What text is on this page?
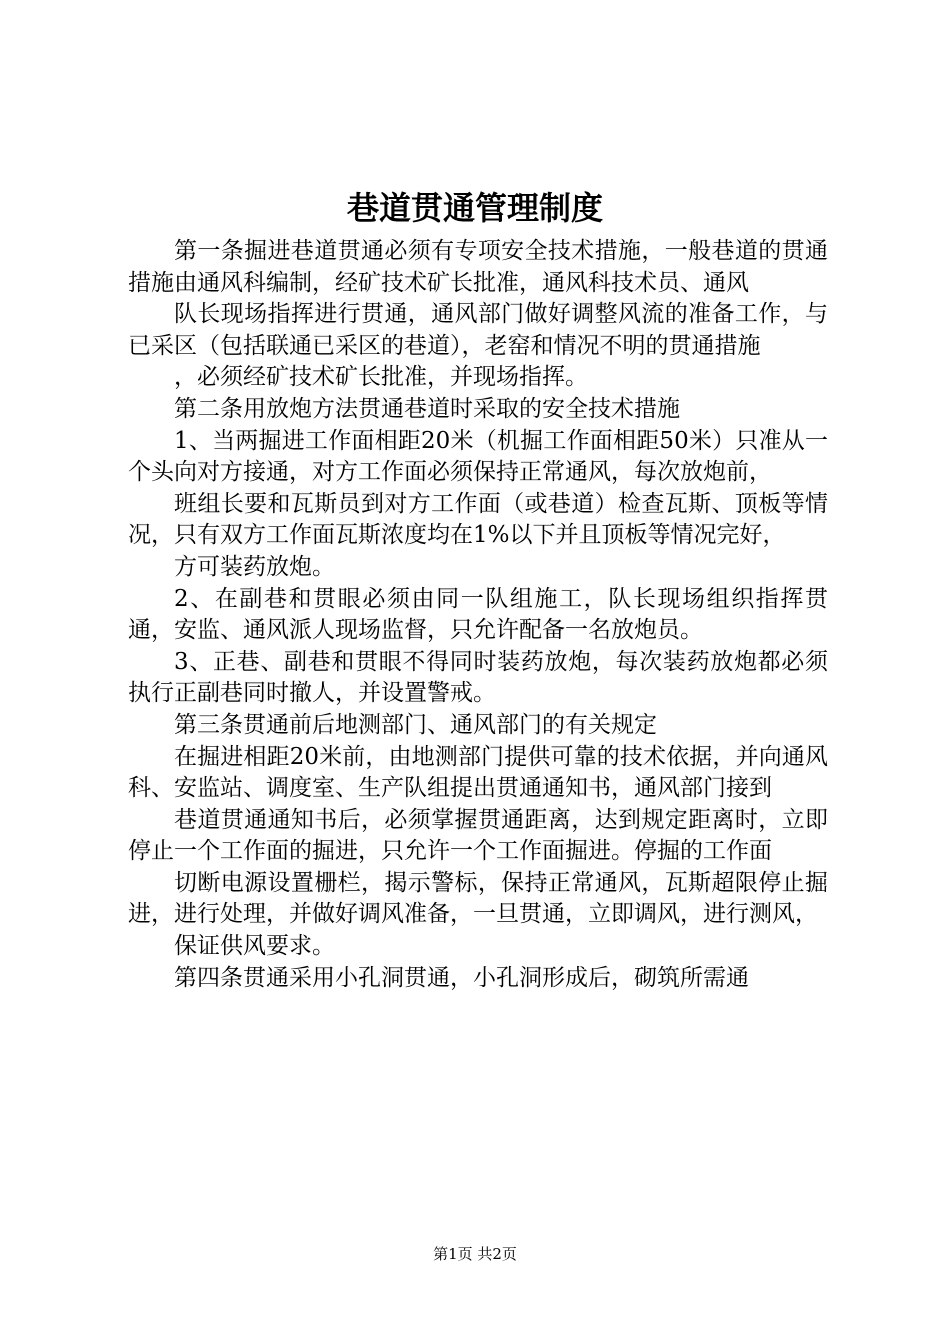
巷道贯通管理制度

第一条掘进巷道贯通必须有专项安全技术措施，一般巷道的贯通措施由通风科编制，经矿技术矿长批准，通风科技术员、通风

队长现场指挥进行贯通，通风部门做好调整风流的准备工作，与已采区（包括联通已采区的巷道），老窑和情况不明的贯通措施

，必须经矿技术矿长批准，并现场指挥。

第二条用放炮方法贯通巷道时采取的安全技术措施

1、当两掘进工作面相距20米（机掘工作面相距50米）只准从一个头向对方接通，对方工作面必须保持正常通风，每次放炮前，

班组长要和瓦斯员到对方工作面（或巷道）检查瓦斯、顶板等情况，只有双方工作面瓦斯浓度均在1%以下并且顶板等情况完好，

方可装药放炮。

2、在副巷和贯眼必须由同一队组施工，队长现场组织指挥贯通，安监、通风派人现场监督，只允许配备一名放炮员。

3、正巷、副巷和贯眼不得同时装药放炮，每次装药放炮都必须执行正副巷同时撤人，并设置警戒。

第三条贯通前后地测部门、通风部门的有关规定

在掘进相距20米前，由地测部门提供可靠的技术依据，并向通风科、安监站、调度室、生产队组提出贯通通知书，通风部门接到

巷道贯通通知书后，必须掌握贯通距离，达到规定距离时，立即停止一个工作面的掘进，只允许一个工作面掘进。停掘的工作面

切断电源设置栅栏，揭示警标，保持正常通风，瓦斯超限停止掘进，进行处理，并做好调风准备，一旦贯通，立即调风，进行测风，

保证供风要求。

第四条贯通采用小孔洞贯通，小孔洞形成后，砌筑所需通

第1页 共2页
